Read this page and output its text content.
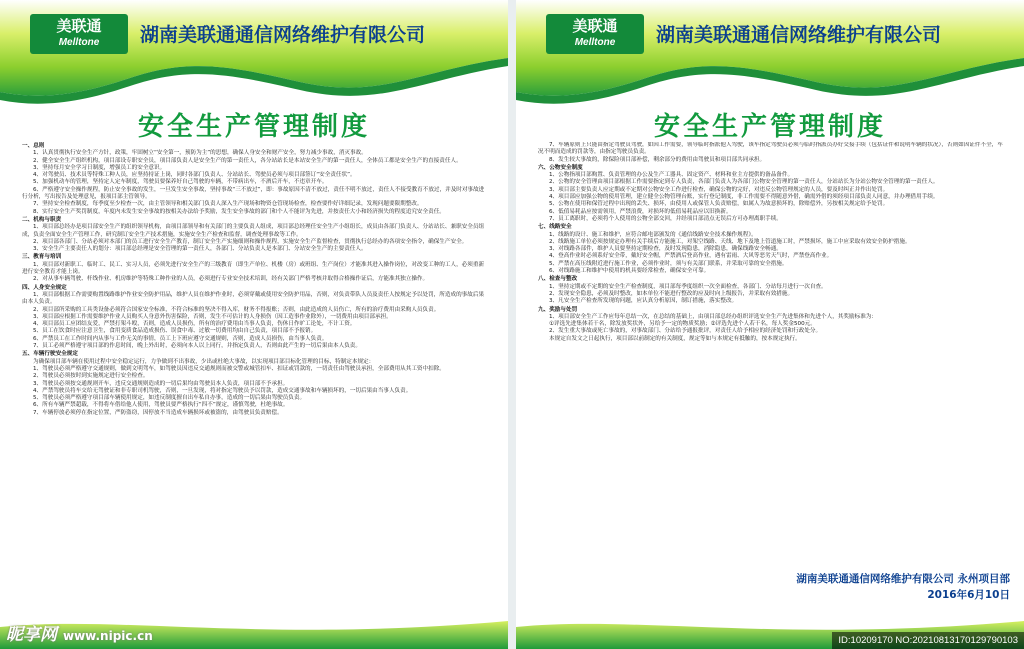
美联通
Melltone	湖南美联通通信网络维护有限公司
安全生产管理制度
一、总则

1、认真贯彻执行安全生产方针，政策，牢固树立“安全第一，预防为主”的思想，确保人身安全和财产安全，努力减少事故，消灭事故。

2、健全安全生产组织机构，项目部设专职安全员，项目部负责人是安全生产的第一责任人，各分站站长是本站安全生产的第一责任人，全体员工都是安全生产的直接责任人。

3、坚持每月安全学习日制度，增强员工的安全意识。

4、对驾驶员、技术员等特殊工种人员，应坚持持证上岗，同时各部门负责人、分站站长、驾驶员必须与项目部签订“安全责任状”。

5、加强机动车的管理，坚持定人定车制度，驾驶员要保养好自己驾驶的车辆，不带病出车，不酒后开车，不违章开车。

6、严格遵守安全操作规程，防止安全事故的发生，一旦发生安全事故，坚持事故“三不放过”，即：事故原因不清不放过，责任不明不放过，责任人不接受教育不放过，并及时对事故进行分析，写出报告及处理意见，报项目部主管领导。

7、坚持安全检查制度，每季度至少检查一次，由主管领导和相关部门负责人深入生产现场和物资仓管现场检查，检查要作好详细记录，发现问题要限期整改。

8、实行安全生产奖罚制度，年度内未发生安全事故的按相关办法给予奖励，发生安全事故的部门和个人不能评为先进，并按责任大小和经济损失的程度追究安全责任。

二、机构与职责

1、项目部总经办是项目部安全生产的组织领导机构，由项目部领导和有关部门的主要负责人组成，项目部总经理任安全生产小组组长，成员由各部门负责人、分站站长、兼职安全员组成，负责全面安全生产管理工作，研究制订安全生产技术措施，实施安全生产检查和监督，调查处理事故等工作。

2、项目部各部门、分站必须对本部门的员工进行安全生产教育，制订安全生产实施细则和操作规程，实施安全生产监督检查，贯彻执行总经办的各项安全指令，确保生产安全。

3、安全生产主要责任人的划分：项目部总经理是安全管理的第一责任人，各部门、分站负责人是本部门、分站安全生产的主要责任人。

三、教育与培训

1、项目部对新职工、临时工、民工、实习人员，必须先进行安全生产的三级教育（即生产单位、机楼（房）或班组、生产岗位）才能准其进入操作岗位，对改变工种的工人，必须重新进行安全教育才能上岗。

2、对从事车辆驾驶、杆线作业、机房维护等特殊工种作业的人员，必须进行专业安全技术培训，经有关部门严格考核并取得合格操作证后，方能准其独立操作。

四、人身安全规定

1、项目部根据工作需要购置线路维护作业安全防护用品，维护人员在维护作业时，必须穿戴或使用安全防护用品，否则，对负责带队人员及责任人按规定予以处罚，所造成的事故后果由本人负责。

2、项目部所采购的工具类设备必须符合国家安全标准，不符合标准的坚决不得入库，财务不得报账；否则，由此造成的人员伤亡，所有的治疗费用由采购人员负责。

3、项目部应根据工作需要维护作业人员购买人身意外伤害保险，否则，发生不可估计的人身损伤（因工造事作业除外），一切费用由项目部承担。

4、项目部员工应团结友爱，严禁打架斗殴，否则，造成人员损伤，所有的治疗费用由当事人负责，伤休日作旷工论处，不计工资。

5、员工在饮食时应注意卫生，食用变质食品造成损伤、误食中毒、过敏一切费用均由自己负责，项目部不予报销。

6、严禁员工在工作时间内从事与工作无关的事情，员工上下班应遵守交通规则，否则，造成人员损伤，由当事人负责。

7、员工必须严格遵守项目部的作息时间，晚上外出时，必须向本人以上同行，并指定负责人，否则由此产生的一切后果由本人负责。

五、车辆行驶安全规定

为确保项目部车辆在使用过程中安全稳定运行，力争做到不出事故，少出或杜绝大事故，以实现项目部目标化管理的目标，特制定本规定：

1、驾驶员必须严格遵守交通规则，做到文明驾车，如驾驶员因违反交通规则而被交警或城管扣车、扣证或罚款的，一切责任由驾驶员承担，全部费用从其工资中扣除。

2、驾驶员必须按时到实施规定进行安全检查。

3、驾驶员必须按交通规则开车，违反交通规则造成的一切后果均由驾驶员本人负责，项目部不予承担。

4、严禁驾驶员将车交给无驾驶证和非专职司机驾驶，否则，一旦发现，将对指定驾驶员予以罚款，造成交通事故和车辆损坏的，一切后果由当事人负责。

5、驾驶员必须严格遵守项目部车辆使用规定，如违反制度擅自出车私自办事，造成的一切后果由驾驶员负责。

6、所有车辆严禁超载，不得将车借给他人使用，驾驶员要严格执行“四不”规定，谨慎驾驶，杜绝事故。

7、车辆停放必须停在指定位置，严防盗窃，因停放不当造成车辆损坏或被盗的，由驾驶员负责赔偿。

美联通
Melltone	湖南美联通通信网络维护有限公司
安全生产管理制度

7、车辆原则上只能由指定驾驶员驾驶，如因工作需要，领导临时指派他人驾驶，该车指定驾驶员必须与临时指派员办好交接手续（包括证件和说明车辆的状况），否则如因证件不全，车况不明而造成的罚款等，由指定驾驶员负责。

8、发生较大事故的，除保险项目部补偿，剩余部分的费用由驾驶员和项目部共同承担。

六、公物安全制度

1、公物指项目部购置、负责管理的办公及生产工器具、固定资产、材料和业主方提供的备品备件。

2、公物的安全管理由项目部根据工作需要指定到专人负责，各部门负责人为各部门公物安全管理的第一责任人，分站站长为分站公物安全管理的第一责任人。

3、项目部主要负责人应定期或不定期对公物安全工作进行检查，确保公物的完好，对违反公物管理规定的人员，要及时纠正并作出处罚。

4、项目部应加强公物的使用管理，建立健全公物管理台账，实行登记制度，非工作需要不得随意外借，确需外借的须经项目部负责人同意，并办理借用手续。

5、公物在使用和保管过程中出现的丢失、损坏，由使用人或保管人负责赔偿，如属人为故意损坏的，除赔偿外，另按相关规定给予处罚。

6、低值易耗品应按需领用，严禁浪费，对损坏的低值易耗品应以旧换新。

7、员工离职时，必须将个人使用的公物全部交回，并经项目部清点无误后方可办理离职手续。

七、线路安全

1、线路的设计、施工和维护，应符合邮电部颁发的《通信线路安全技术操作规程》。

2、线路施工单位必须按规定办理有关手续后方能施工，对架空线路、天线、地下及地上管道施工时，严禁损坏，施工中应采取有效安全防护措施。

3、对线路各部件，维护人员要坚持定期检查，及时发现隐患，消除隐患，确保线路安全畅通。

4、登高作业时必须系好安全带，戴好安全帽，严禁酒后登高作业，遇有雷雨、大风等恶劣天气时，严禁登高作业。

5、严禁在高压线附近进行施工作业，必须作业时，须与有关部门联系，并采取可靠的安全措施。

6、对线路施工和维护中使用的机具要经常检查，确保安全可靠。

八、检查与整改

1、坚持定期或不定期的安全生产检查制度，项目部每季度组织一次全面检查，各部门、分站每月进行一次自查。

2、发现安全隐患，必须及时整改，如本单位不能进行整改的应及时向上级报告，并采取有效措施。

3、凡安全生产检查所发现的问题，应认真分析原因，制订措施，落实整改。

九、奖励与处罚

1、项目部安全生产工作应每年总结一次，在总结的基础上，由项目部总经办组织评选安全生产先进集体和先进个人，其奖励标准为：

①评选先进集体若干名，除发放奖状外，另给予一定的物质奖励；②评选先进个人若干名，每人奖金500元。

2、发生重大事故或死亡事故的，对事故部门、分站给予通报批评，对责任人给予相应的经济处罚和行政处分。

本规定自发文之日起执行，项目部以前制定的有关制度，规定等如与本规定有抵触的，按本规定执行。

湖南美联通通信网络维护有限公司 永州项目部
2016年6月10日
昵享网 www.nipic.cn	ID:10209170 NO:20210813170129790103
